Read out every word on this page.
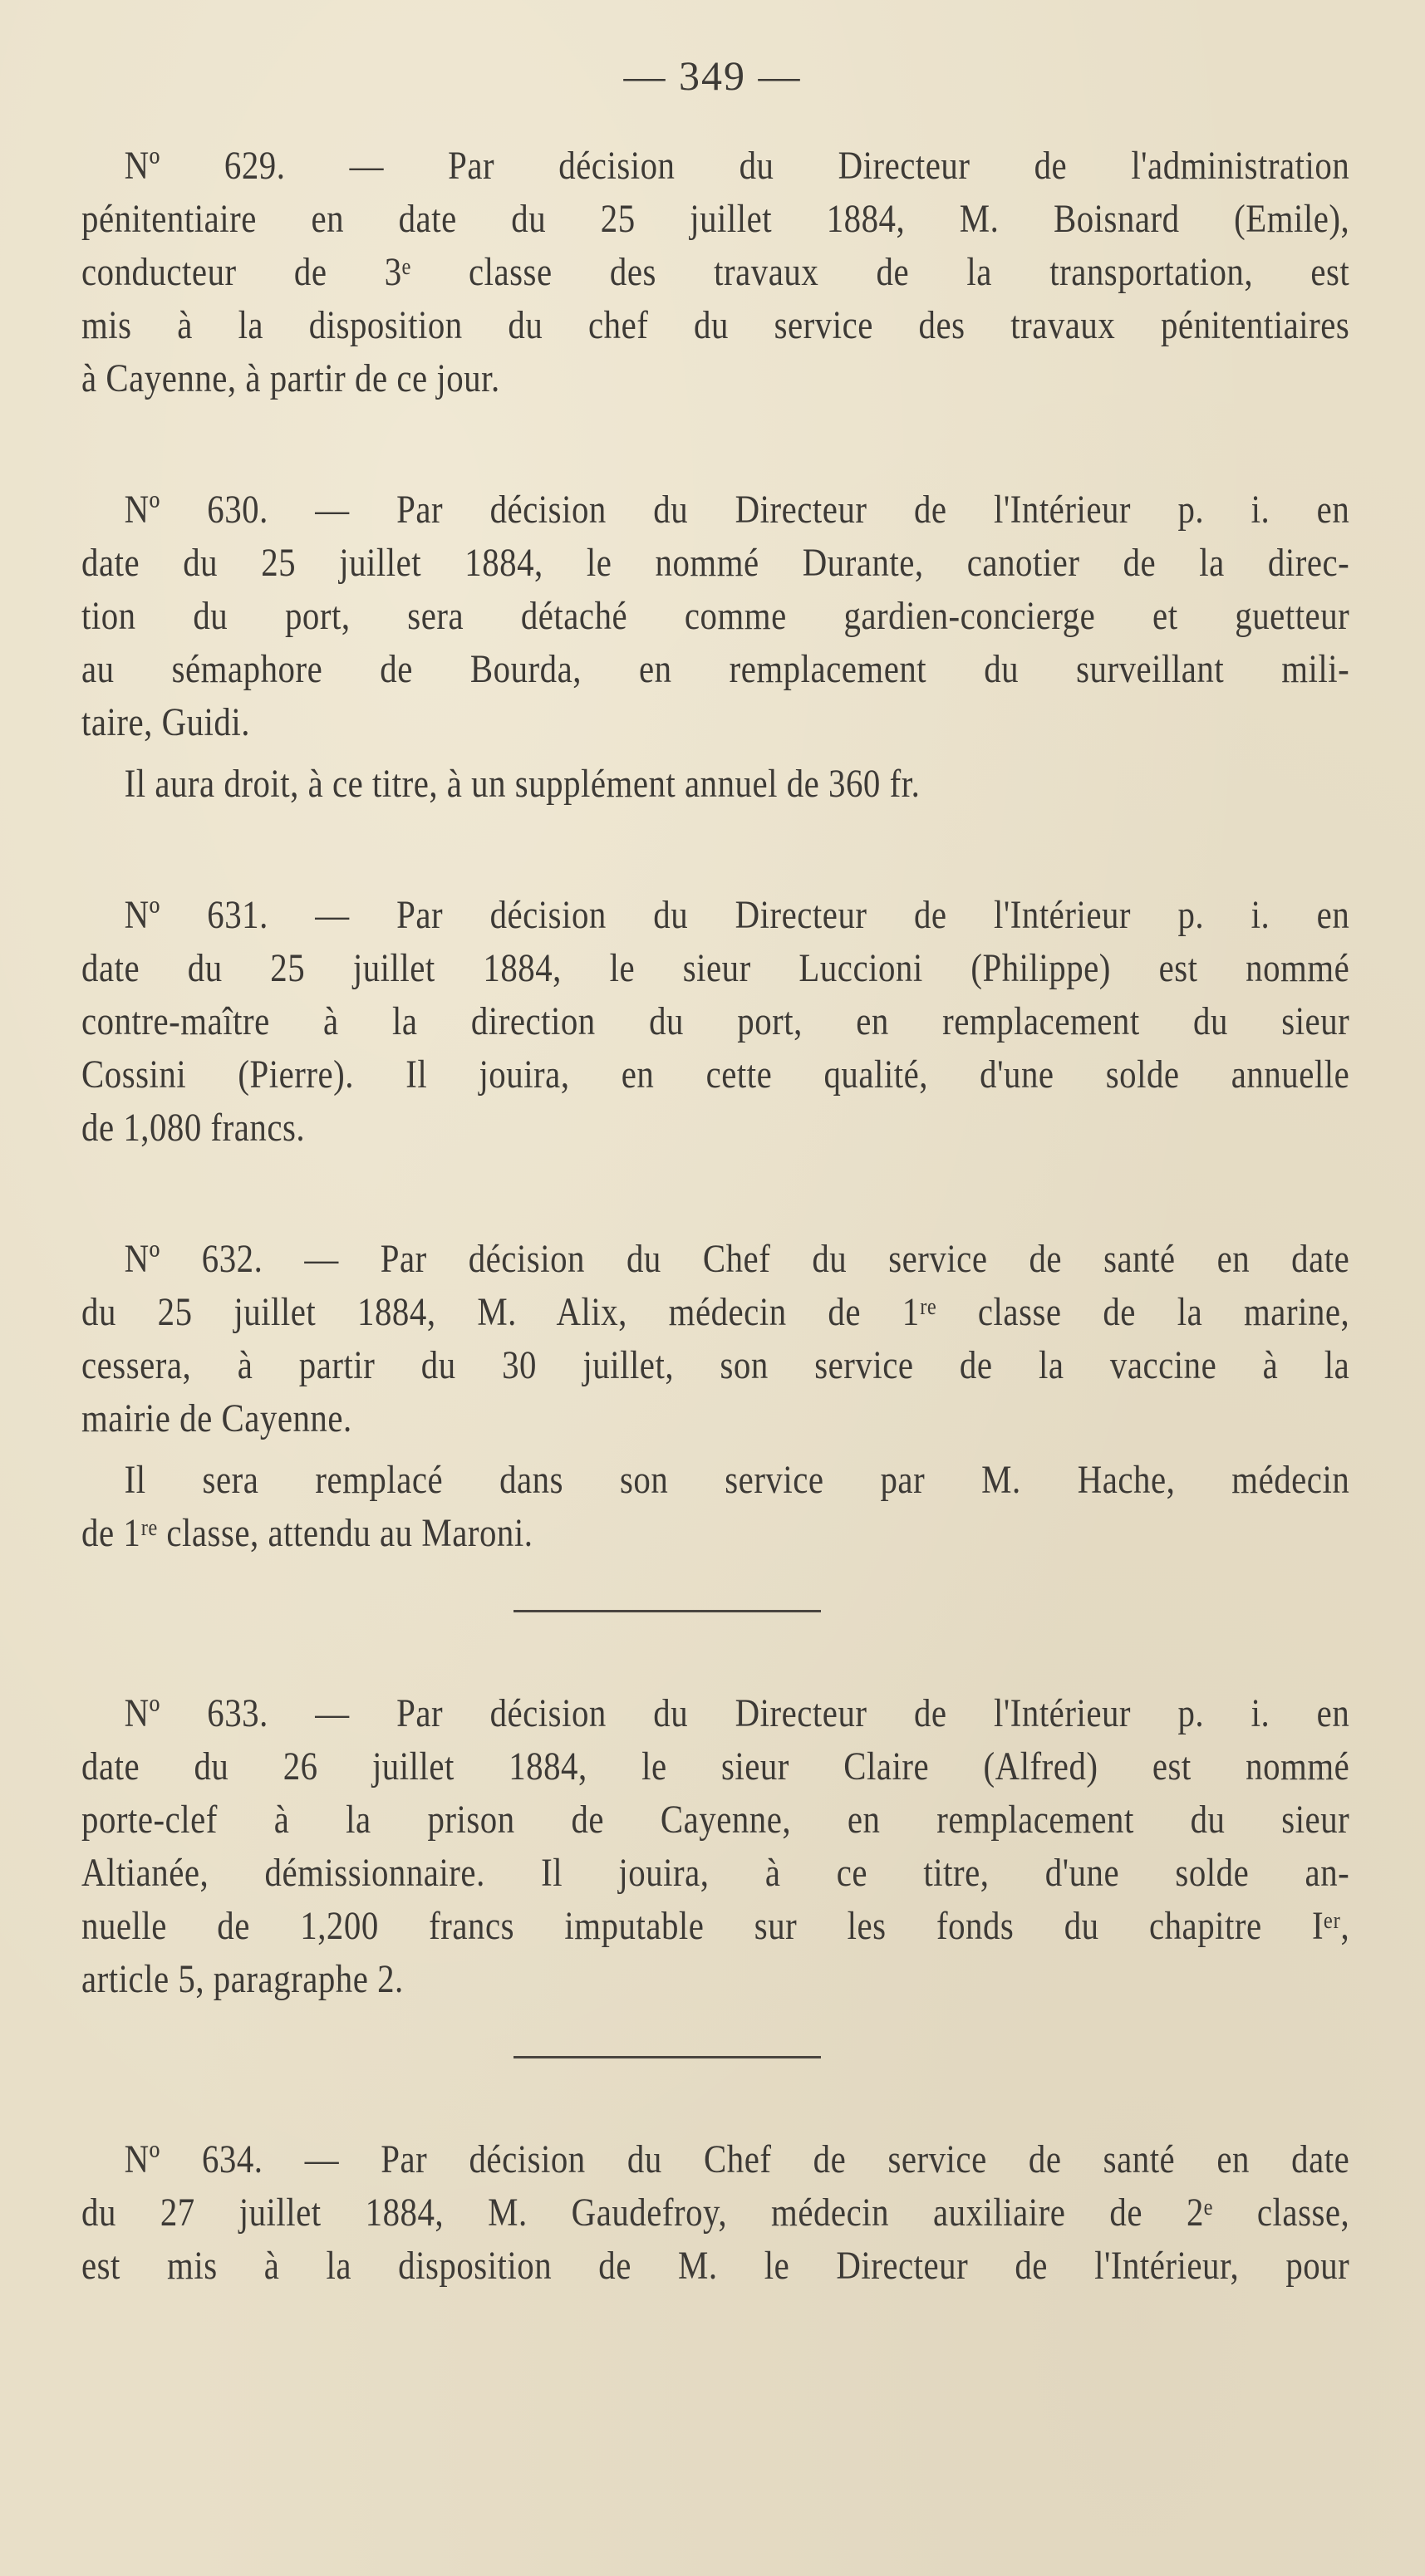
— 349 —
Nº 629. — Par décision du Directeur de l'administration
pénitentiaire en date du 25 juillet 1884, M. Boisnard (Emile),
conducteur de 3ᵉ classe des travaux de la transportation, est
mis à la disposition du chef du service des travaux pénitentiaires
à Cayenne, à partir de ce jour.
Nº 630. — Par décision du Directeur de l'Intérieur p. i. en
date du 25 juillet 1884, le nommé Durante, canotier de la direc-
tion du port, sera détaché comme gardien-concierge et guetteur
au sémaphore de Bourda, en remplacement du surveillant mili-
taire, Guidi.
Il aura droit, à ce titre, à un supplément annuel de 360 fr.
Nº 631. — Par décision du Directeur de l'Intérieur p. i. en
date du 25 juillet 1884, le sieur Luccioni (Philippe) est nommé
contre-maître à la direction du port, en remplacement du sieur
Cossini (Pierre). Il jouira, en cette qualité, d'une solde annuelle
de 1,080 francs.
Nº 632. — Par décision du Chef du service de santé en date
du 25 juillet 1884, M. Alix, médecin de 1ʳᵉ classe de la marine,
cessera, à partir du 30 juillet, son service de la vaccine à la
mairie de Cayenne.
Il sera remplacé dans son service par M. Hache, médecin
de 1ʳᵉ classe, attendu au Maroni.
Nº 633. — Par décision du Directeur de l'Intérieur p. i. en
date du 26 juillet 1884, le sieur Claire (Alfred) est nommé
porte-clef à la prison de Cayenne, en remplacement du sieur
Altianée, démissionnaire. Il jouira, à ce titre, d'une solde an-
nuelle de 1,200 francs imputable sur les fonds du chapitre Iᵉʳ,
article 5, paragraphe 2.
Nº 634. — Par décision du Chef de service de santé en date
du 27 juillet 1884, M. Gaudefroy, médecin auxiliaire de 2ᵉ classe,
est mis à la disposition de M. le Directeur de l'Intérieur, pour
